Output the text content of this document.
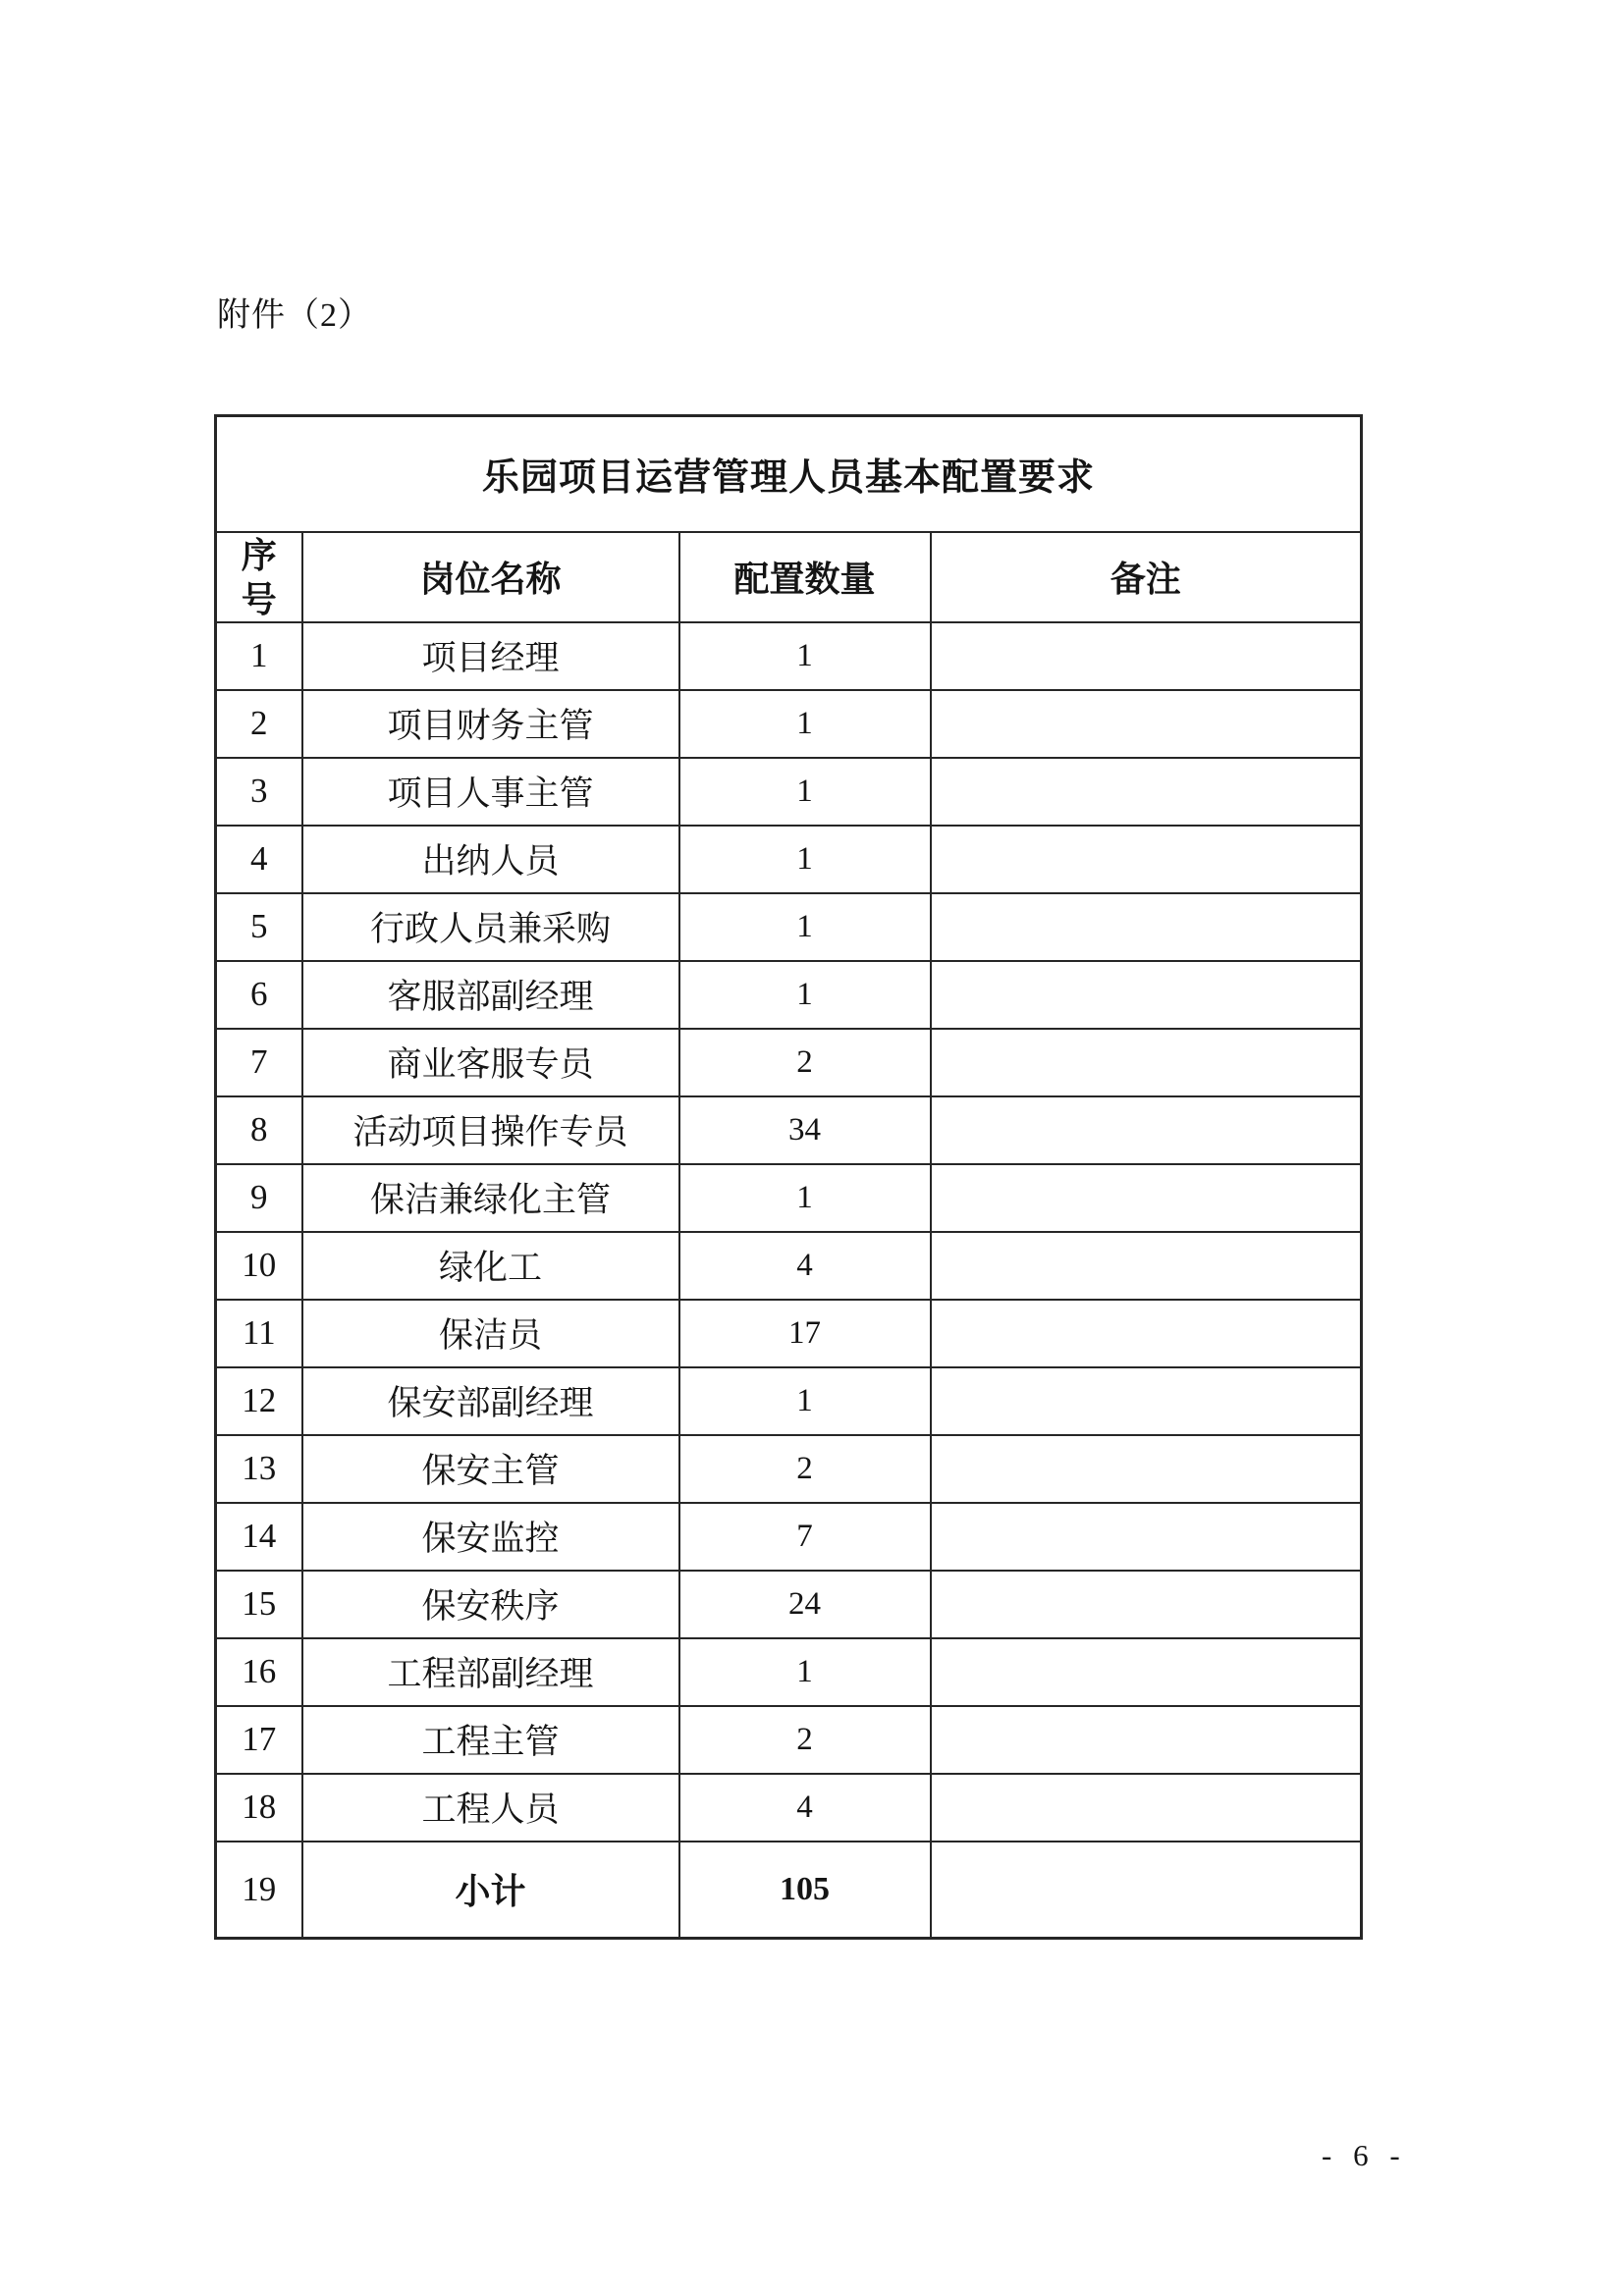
附件（2）
乐园项目运营管理人员基本配置要求			
序号	岗位名称	配置数量	备注
1	项目经理	1	
2	项目财务主管	1	
3	项目人事主管	1	
4	出纳人员	1	
5	行政人员兼采购	1	
6	客服部副经理	1	
7	商业客服专员	2	
8	活动项目操作专员	34	
9	保洁兼绿化主管	1	
10	绿化工	4	
11	保洁员	17	
12	保安部副经理	1	
13	保安主管	2	
14	保安监控	7	
15	保安秩序	24	
16	工程部副经理	1	
17	工程主管	2	
18	工程人员	4	
19	小计	105	
- 6 -
